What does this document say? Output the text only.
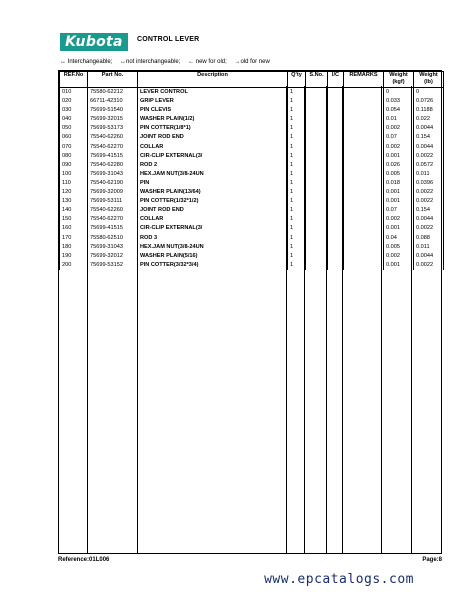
Kubota	CONTROL LEVER
↔ Interchangeable; ↔not interchangeable; ← new for old; →old for new
REF.No	Part No.	Description	Q'ty	S.No.	I/C	REMARKS	Weight (kgf)	Weight (lb)
010	75580-62212	LEVER CONTROL	1				0	0
020	66711-42310	GRIP LEVER	1				0.033	0.0726
030	75699-51540	PIN CLEVIS	1				0.054	0.1188
040	75699-32015	WASHER PLAIN(1/2)	1				0.01	0.022
050	75699-53173	PIN COTTER(1/8*1)	1				0.002	0.0044
060	75540-62260	JOINT ROD END	1				0.07	0.154
070	75540-62270	COLLAR	1				0.002	0.0044
080	75699-41515	CIR-CLIP EXTERNAL(3/	1				0.001	0.0022
090	75540-62280	ROD 2	1				0.026	0.0572
100	75699-31043	HEX.JAM NUT(3/8-24UN	1				0.005	0.011
110	75540-62190	PIN	1				0.018	0.0396
120	75699-32009	WASHER PLAIN(13/64)	1				0.001	0.0022
130	75699-53111	PIN COTTER(1/32*1/2)	1				0.001	0.0022
140	75540-62260	JOINT ROD END	1				0.07	0.154
150	75540-62270	COLLAR	1				0.002	0.0044
160	75699-41515	CIR-CLIP EXTERNAL(3/	1				0.001	0.0022
170	75580-62510	ROD 3	1				0.04	0.088
180	75699-31043	HEX.JAM NUT(3/8-24UN	1				0.005	0.011
190	75699-32012	WASHER PLAIN(5/16)	1				0.002	0.0044
200	75699-53152	PIN COTTER(3/32*3/4)	1				0.001	0.0022
Reference:01L006	Page:8
www.epcatalogs.com
